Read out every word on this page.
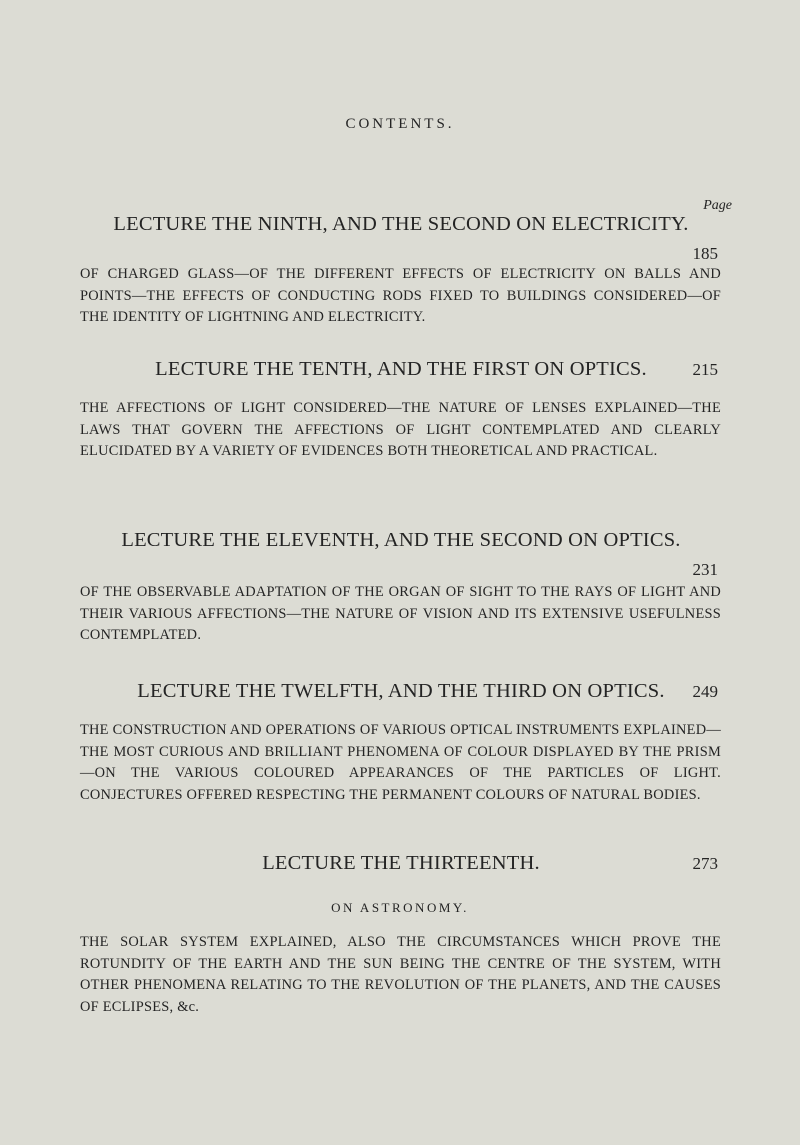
CONTENTS.
Page
LECTURE THE NINTH, AND THE SECOND ON ELECTRICITY.
185

OF CHARGED GLASS—OF THE DIFFERENT EFFECTS OF ELECTRICITY ON BALLS AND POINTS—THE EFFECTS OF CONDUCTING RODS FIXED TO BUILDINGS CONSIDERED—OF THE IDENTITY OF LIGHTNING AND ELECTRICITY.

LECTURE THE TENTH, AND THE FIRST ON OPTICS.	215

THE AFFECTIONS OF LIGHT CONSIDERED—THE NATURE OF LENSES EXPLAINED—THE LAWS THAT GOVERN THE AFFECTIONS OF LIGHT CONTEMPLATED AND CLEARLY ELUCIDATED BY A VARIETY OF EVIDENCES BOTH THEORETICAL AND PRACTICAL.

LECTURE THE ELEVENTH, AND THE SECOND ON OPTICS.
231

OF THE OBSERVABLE ADAPTATION OF THE ORGAN OF SIGHT TO THE RAYS OF LIGHT AND THEIR VARIOUS AFFECTIONS—THE NATURE OF VISION AND ITS EXTENSIVE USEFULNESS CONTEMPLATED.

LECTURE THE TWELFTH, AND THE THIRD ON OPTICS.	249

THE CONSTRUCTION AND OPERATIONS OF VARIOUS OPTICAL INSTRUMENTS EXPLAINED—THE MOST CURIOUS AND BRILLIANT PHENOMENA OF COLOUR DISPLAYED BY THE PRISM—ON THE VARIOUS COLOURED APPEARANCES OF THE PARTICLES OF LIGHT. CONJECTURES OFFERED RESPECTING THE PERMANENT COLOURS OF NATURAL BODIES.

LECTURE THE THIRTEENTH.	273
ON ASTRONOMY.

THE SOLAR SYSTEM EXPLAINED, ALSO THE CIRCUMSTANCES WHICH PROVE THE ROTUNDITY OF THE EARTH AND THE SUN BEING THE CENTRE OF THE SYSTEM, WITH OTHER PHENOMENA RELATING TO THE REVOLUTION OF THE PLANETS, AND THE CAUSES OF ECLIPSES, &c.
